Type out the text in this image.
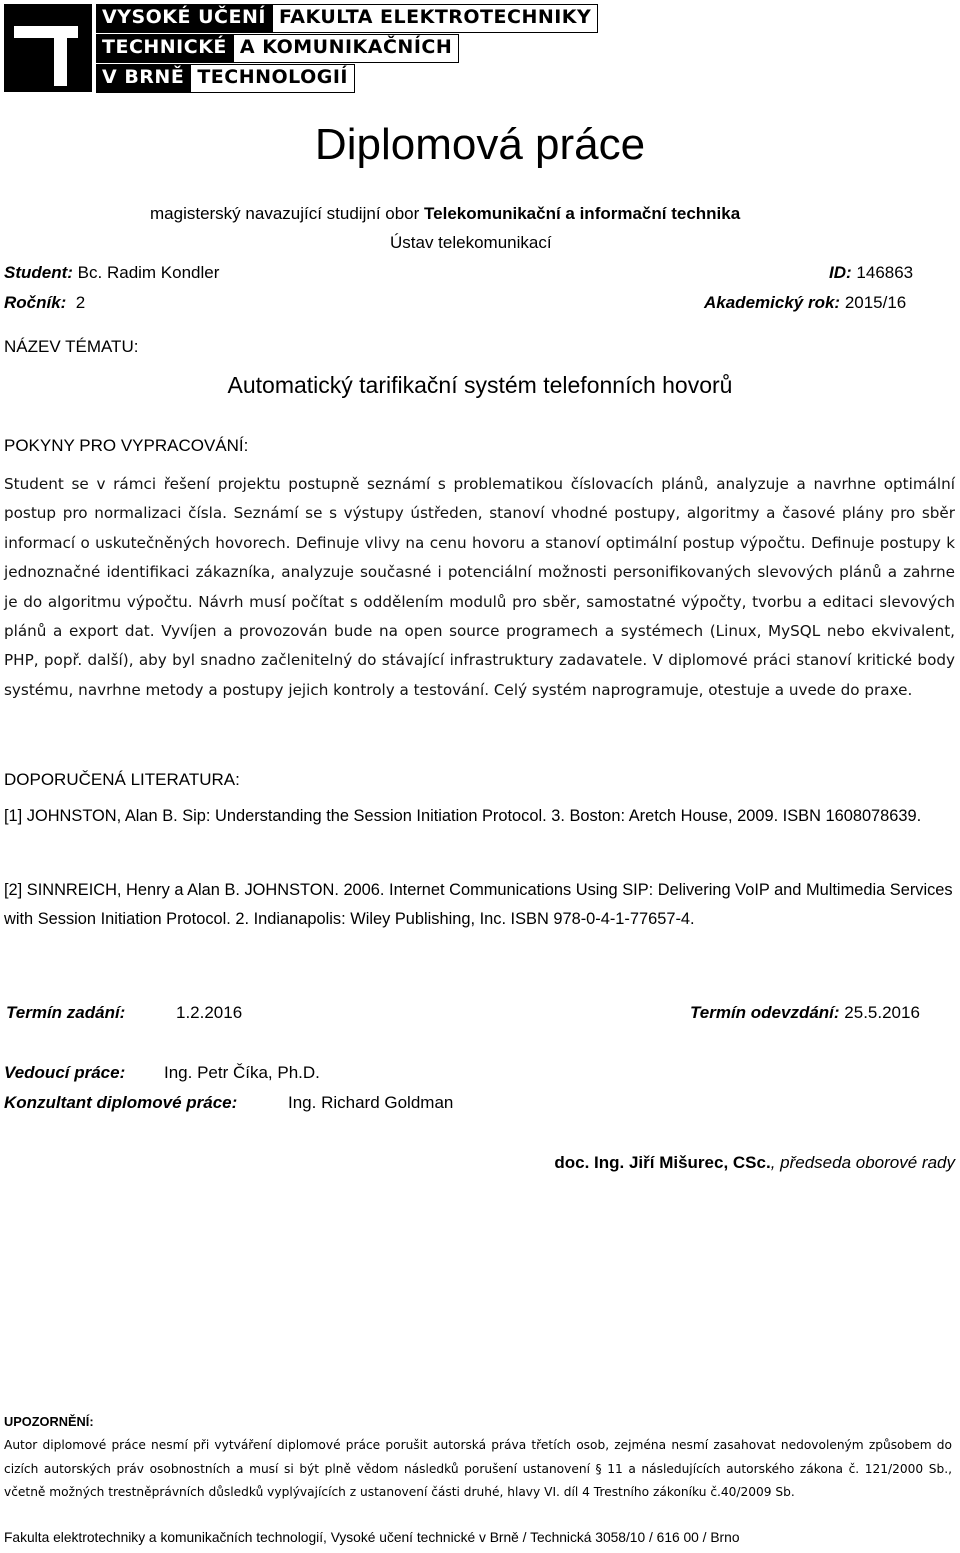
VYSOKÉ UČENÍ FAKULTA ELEKTROTECHNIKY
TECHNICKÉ A KOMUNIKAČNÍCH
V BRNĚ TECHNOLOGIÍ
Diplomová práce
magisterský navazující studijní obor Telekomunikační a informační technika
Ústav telekomunikací
Student: Bc. Radim Kondler	ID: 146863
Ročník: 2	Akademický rok: 2015/16
NÁZEV TÉMATU:
Automatický tarifikační systém telefonních hovorů
POKYNY PRO VYPRACOVÁNÍ:
Student se v rámci řešení projektu postupně seznámí s problematikou číslovacích plánů, analyzuje a navrhne optimální postup pro normalizaci čísla. Seznámí se s výstupy ústředen, stanoví vhodné postupy, algoritmy a časové plány pro sběr informací o uskutečněných hovorech. Definuje vlivy na cenu hovoru a stanoví optimální postup výpočtu. Definuje postupy k jednoznačné identifikaci zákazníka, analyzuje současné i potenciální možnosti personifikovaných slevových plánů a zahrne je do algoritmu výpočtu. Návrh musí počítat s oddělením modulů pro sběr, samostatné výpočty, tvorbu a editaci slevových plánů a export dat. Vyvíjen a provozován bude na open source programech a systémech (Linux, MySQL nebo ekvivalent, PHP, popř. další), aby byl snadno začlenitelný do stávající infrastruktury zadavatele. V diplomové práci stanoví kritické body systému, navrhne metody a postupy jejich kontroly a testování. Celý systém naprogramuje, otestuje a uvede do praxe.
DOPORUČENÁ LITERATURA:
[1] JOHNSTON, Alan B. Sip: Understanding the Session Initiation Protocol. 3. Boston: Aretch House, 2009. ISBN 1608078639.
[2] SINNREICH, Henry a Alan B. JOHNSTON. 2006. Internet Communications Using SIP: Delivering VoIP and Multimedia Services with Session Initiation Protocol. 2. Indianapolis: Wiley Publishing, Inc. ISBN 978-0-4-1-77657-4.
Termín zadání:	1.2.2016	Termín odevzdání: 25.5.2016
Vedoucí práce: Ing. Petr Číka, Ph.D.
Konzultant diplomové práce:	Ing. Richard Goldman
doc. Ing. Jiří Mišurec, CSc., předseda oborové rady
UPOZORNĚNÍ:
Autor diplomové práce nesmí při vytváření diplomové práce porušit autorská práva třetích osob, zejména nesmí zasahovat nedovoleným způsobem do cizích autorských práv osobnostních a musí si být plně vědom následků porušení ustanovení § 11 a následujících autorského zákona č. 121/2000 Sb., včetně možných trestněprávních důsledků vyplývajících z ustanovení části druhé, hlavy VI. díl 4 Trestního zákoníku č.40/2009 Sb.
Fakulta elektrotechniky a komunikačních technologií, Vysoké učení technické v Brně / Technická 3058/10 / 616 00 / Brno
